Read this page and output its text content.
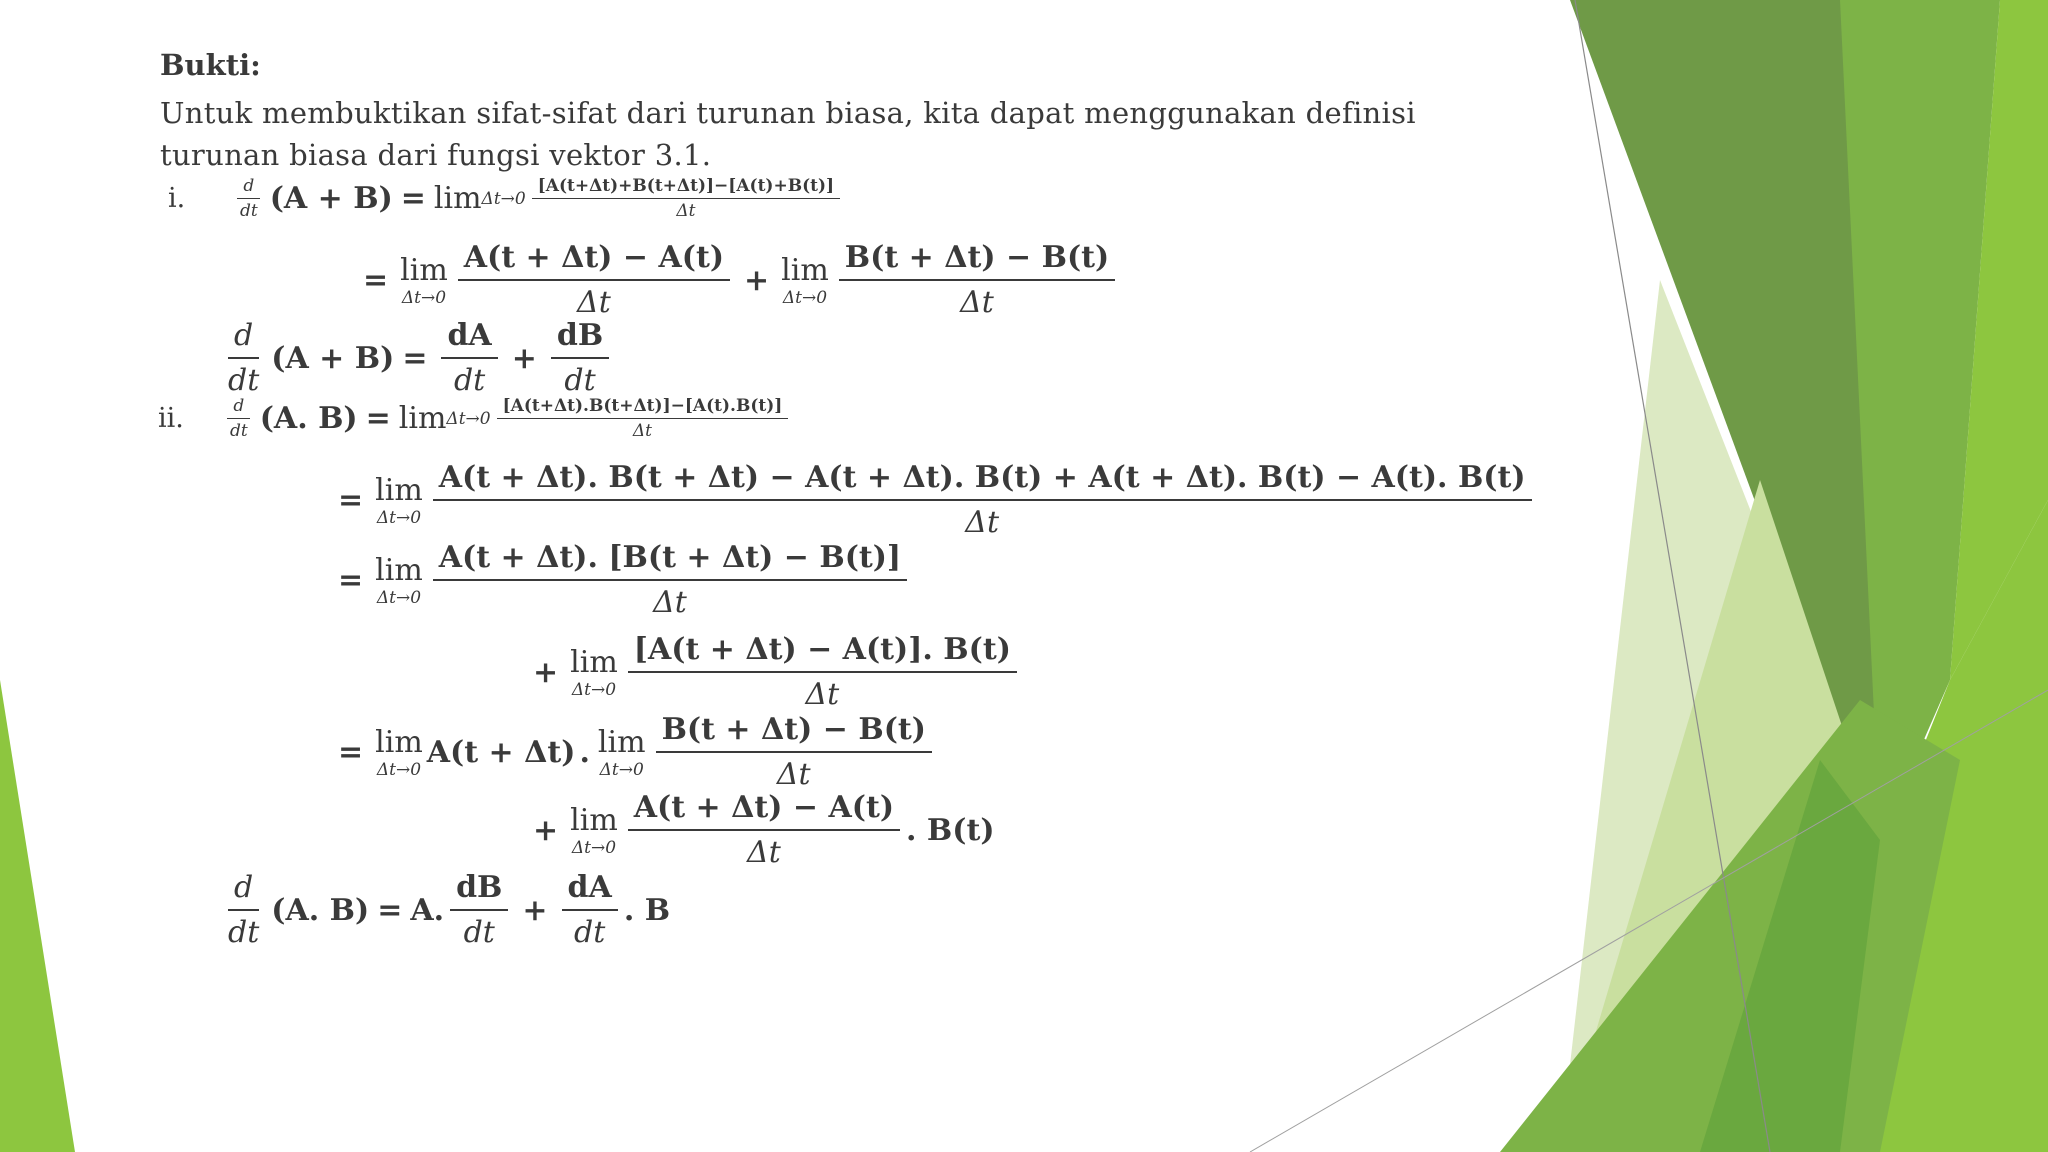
Bukti:

Untuk membuktikan sifat-sifat dari turunan biasa, kita dapat menggunakan definisi turunan biasa dari fungsi vektor 3.1.

i.	$\frac{d}{dt} (A + B) = \lim \Delta t\to 0 \frac{[A(t+\Delta t)+B(t+\Delta t)]-[A(t)+B(t)]}{\Delta t}$
= lim
$\Delta t\to 0 \frac{A(t + \Delta t) - A(t)}{\Delta t} + \lim$
$\Delta t\to 0 \frac{B(t + \Delta t) - B(t)}{\Delta t}$
$\frac{d}{dt} (A + B) = \frac{dA}{dt} + \frac{dB}{dt}$
ii.	$\frac{d}{dt} (A$. $B) = \lim \Delta t\to 0 \frac{[A(t+\Delta t).B(t+\Delta t)]-[A(t).B(t)]}{\Delta t}$
= lim
Δt→0
A(t + Δt). B(t + Δt) − A(t + Δt). B(t) + A(t + Δt). B(t) − A(t). B(t)
Δt
= lim
$\Delta t\to 0 \frac{A(t + \Delta t). [B(t + \Delta t) - B(t)]}{\Delta t}$
+ lim
$\Delta t\to 0 \frac{[A(t + \Delta t) - A(t)]. B(t)}{\Delta t}$
= lim
Δt→0 A(t + Δt) . lim
$\Delta t\to 0 \frac{B(t + \Delta t) - B(t)}{\Delta t}$
+ lim
$\Delta t\to 0 \frac{A(t + \Delta t) - A(t)}{\Delta t}$ . B(t)
$\frac{d}{dt} (A$. B) = A. $\frac{dB}{dt} + \frac{dA}{dt}$ . B
